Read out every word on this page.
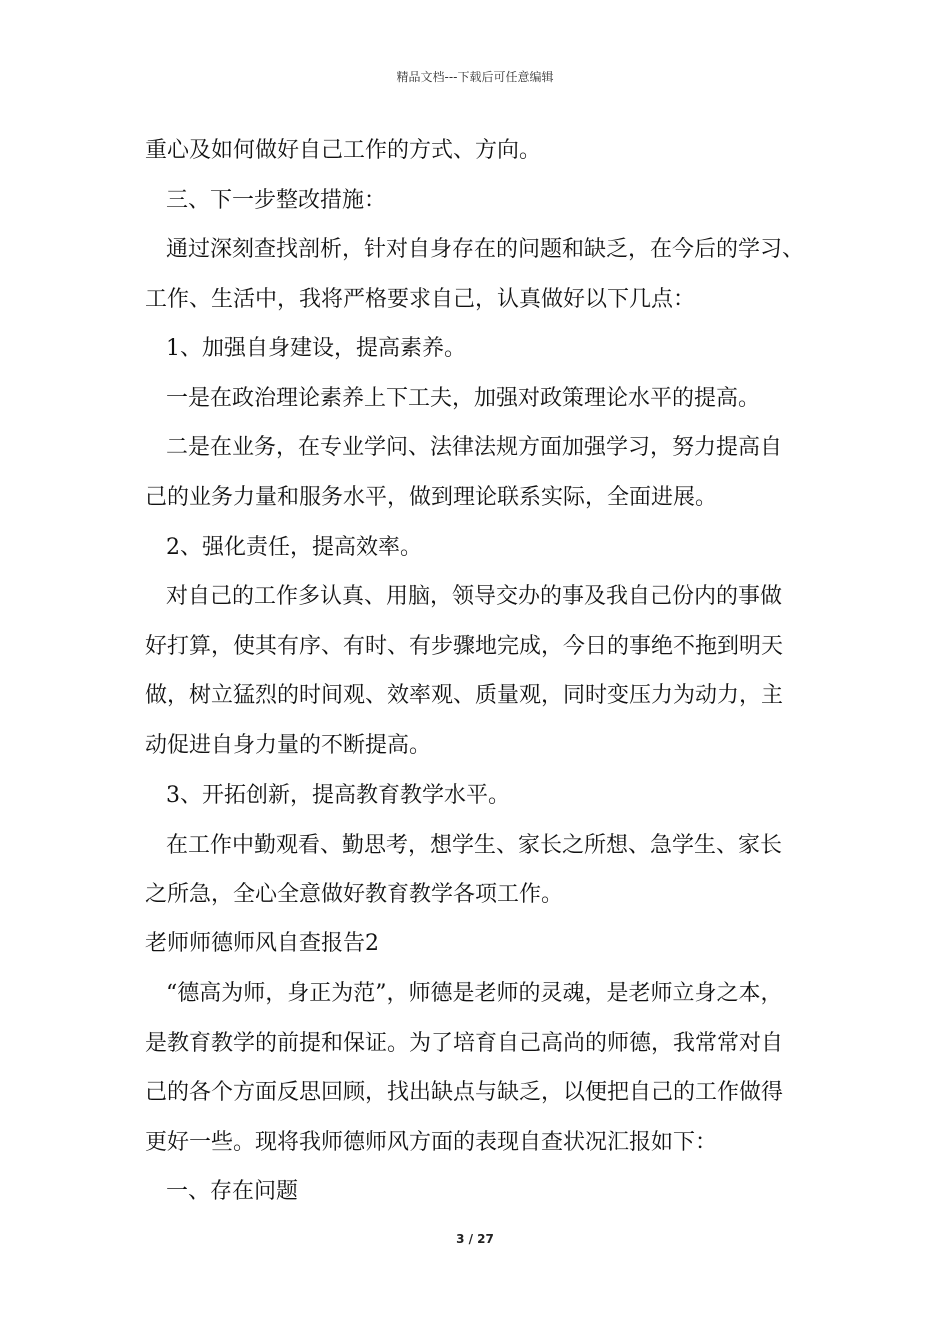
精品文档---下载后可任意编辑
重心及如何做好自己工作的方式、方向。
三、下一步整改措施：
通过深刻查找剖析，针对自身存在的问题和缺乏，在今后的学习、
工作、生活中，我将严格要求自己，认真做好以下几点：
1、加强自身建设，提高素养。
一是在政治理论素养上下工夫，加强对政策理论水平的提高。
二是在业务，在专业学问、法律法规方面加强学习，努力提高自
己的业务力量和服务水平，做到理论联系实际，全面进展。
2、强化责任，提高效率。
对自己的工作多认真、用脑，领导交办的事及我自己份内的事做
好打算，使其有序、有时、有步骤地完成，今日的事绝不拖到明天
做，树立猛烈的时间观、效率观、质量观，同时变压力为动力，主
动促进自身力量的不断提高。
3、开拓创新，提高教育教学水平。
在工作中勤观看、勤思考，想学生、家长之所想、急学生、家长
之所急，全心全意做好教育教学各项工作。
老师师德师风自查报告2
“德高为师，身正为范”，师德是老师的灵魂，是老师立身之本，
是教育教学的前提和保证。为了培育自己高尚的师德，我常常对自
己的各个方面反思回顾，找出缺点与缺乏，以便把自己的工作做得
更好一些。现将我师德师风方面的表现自查状况汇报如下：
一、存在问题
3 / 27
